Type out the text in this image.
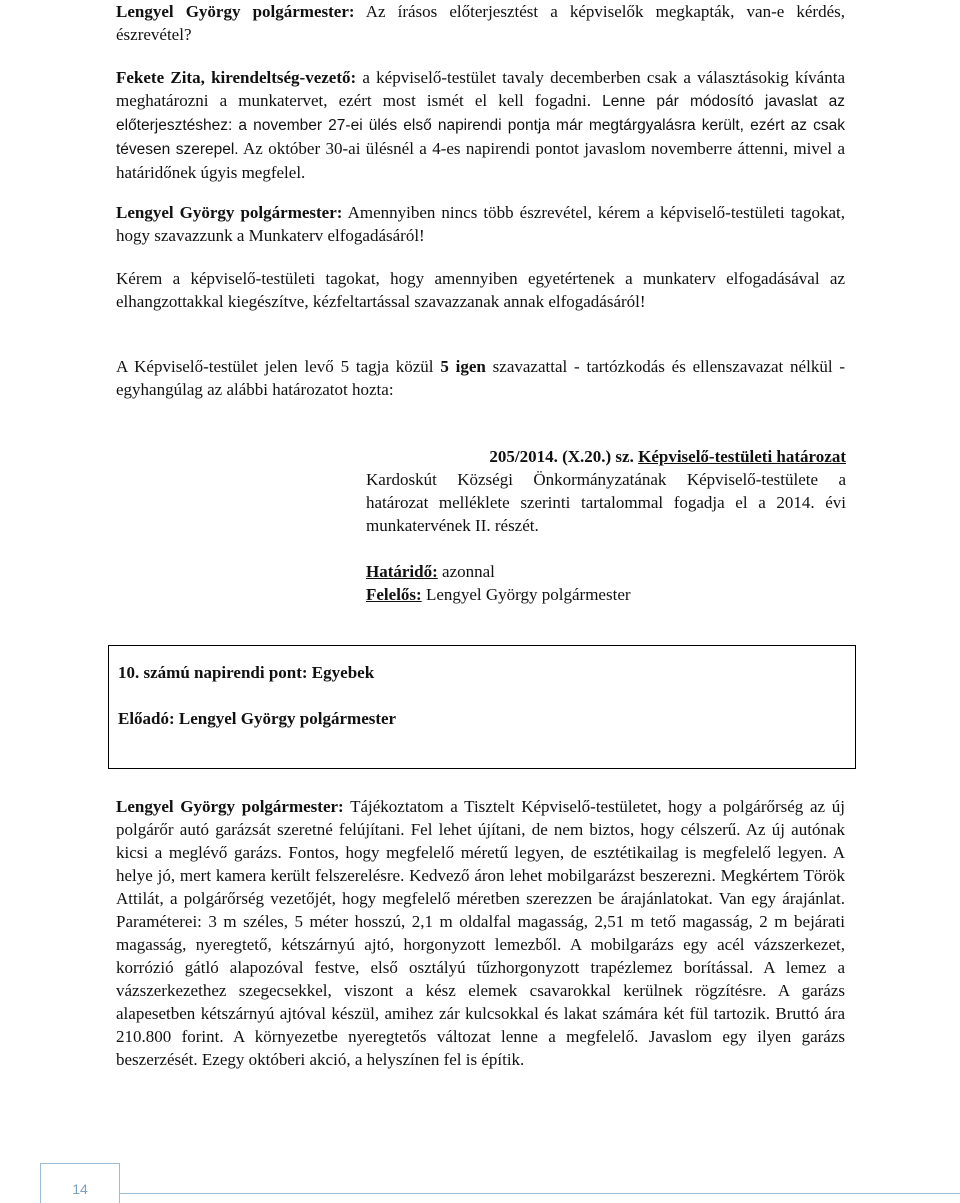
Lengyel György polgármester: Az írásos előterjesztést a képviselők megkapták, van-e kérdés, észrevétel?

Fekete Zita, kirendeltség-vezető: a képviselő-testület tavaly decemberben csak a választásokig kívánta meghatározni a munkatervet, ezért most ismét el kell fogadni. Lenne pár módosító javaslat az előterjesztéshez: a november 27-ei ülés első napirendi pontja már megtárgyalásra került, ezért az csak tévesen szerepel. Az október 30-ai ülésnél a 4-es napirendi pontot javaslom novemberre áttenni, mivel a határidőnek úgyis megfelel.

Lengyel György polgármester: Amennyiben nincs több észrevétel, kérem a képviselő-testületi tagokat, hogy szavazzunk a Munkaterv elfogadásáról!

Kérem a képviselő-testületi tagokat, hogy amennyiben egyetértenek a munkaterv elfogadásával az elhangzottakkal kiegészítve, kézfeltartással szavazzanak annak elfogadásáról!

A Képviselő-testület jelen levő 5 tagja közül 5 igen szavazattal - tartózkodás és ellenszavazat nélkül - egyhangúlag az alábbi határozatot hozta:

205/2014. (X.20.) sz. Képviselő-testületi határozat

Kardoskút Községi Önkormányzatának Képviselő-testülete a határozat melléklete szerinti tartalommal fogadja el a 2014. évi munkatervének II. részét.

Határidő: azonnal

Felelős: Lengyel György polgármester

10. számú napirendi pont: Egyebek
Előadó: Lengyel György polgármester

Lengyel György polgármester: Tájékoztatom a Tisztelt Képviselő-testületet, hogy a polgárőrség az új polgárőr autó garázsát szeretné felújítani. Fel lehet újítani, de nem biztos, hogy célszerű. Az új autónak kicsi a meglévő garázs. Fontos, hogy megfelelő méretű legyen, de esztétikailag is megfelelő legyen. A helye jó, mert kamera került felszerelésre. Kedvező áron lehet mobilgarázst beszerezni. Megkértem Török Attilát, a polgárőrség vezetőjét, hogy megfelelő méretben szerezzen be árajánlatokat. Van egy árajánlat. Paraméterei: 3 m széles, 5 méter hosszú, 2,1 m oldalfal magasság, 2,51 m tető magasság, 2 m bejárati magasság, nyeregtető, kétszárnyú ajtó, horgonyzott lemezből. A mobilgarázs egy acél vázszerkezet, korrózió gátló alapozóval festve, első osztályú tűzhorgonyzott trapézlemez borítással. A lemez a vázszerkezethez szegecsekkel, viszont a kész elemek csavarokkal kerülnek rögzítésre. A garázs alapesetben kétszárnyú ajtóval készül, amihez zár kulcsokkal és lakat számára két fül tartozik. Bruttó ára 210.800 forint. A környezetbe nyeregtetős változat lenne a megfelelő. Javaslom egy ilyen garázs beszerzését. Ezegy októberi akció, a helyszínen fel is építik.

14
